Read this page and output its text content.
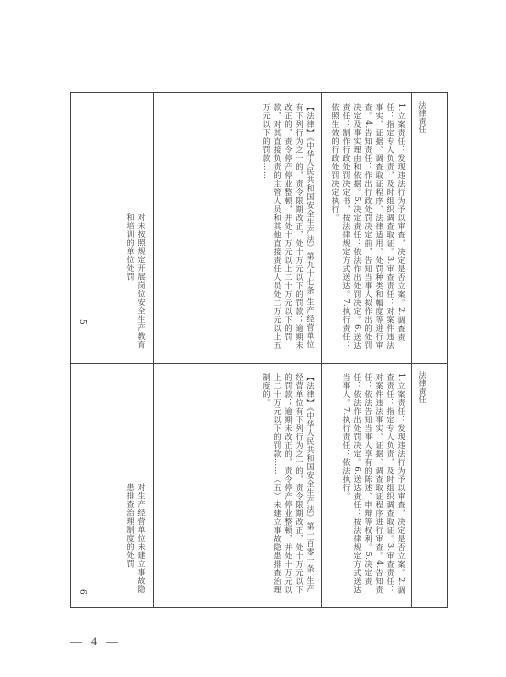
法律责任
1.立案责任：发现违法行为予以审查，决定是否立案。2.调查责任：指定专人负责，及时组织调查取证。3.审查责任：对案件违法事实、证据、调查取证程序、法律适用、处罚种类和幅度等进行审查。4.告知责任：作出行政处罚决定前，告知当事人拟作出的处罚决定及事实理由和依据。5.决定责任：依法作出处罚决定。6.送达责任：制作行政处罚决定书，按法律规定方式送达。7.执行责任：依照生效的行政处罚决定执行。
【法律】《中华人民共和国安全生产法》第九十七条 生产经营单位有下列行为之一的，责令限期改正，处十万元以下的罚款；逾期未改正的，责令停产停业整顿，并处十万元以上二十万元以下的罚款，对其直接负责的主管人员和其他直接责任人员处二万元以上五万元以下的罚款……
对未按照规定开展岗位安全生产教育和培训的单位处罚
5
法律责任
1.立案责任：发现违法行为予以审查，决定是否立案。2.调查责任：指定专人负责，及时组织调查取证。3.审查责任：对案件违法事实、证据、调查取证程序进行审查。4.告知责任：依法告知当事人享有的陈述、申辩等权利。5.决定责任：依法作出处罚决定。6.送达责任：按法律规定方式送达当事人。7.执行责任：依法执行。
【法律】《中华人民共和国安全生产法》第一百零一条 生产经营单位有下列行为之一的，责令限期改正，处十万元以下的罚款；逾期未改正的，责令停产停业整顿，并处十万元以上二十万元以下的罚款……（五）未建立事故隐患排查治理制度的。
对生产经营单位未建立事故隐患排查治理制度的处罚
6
— 4 —
